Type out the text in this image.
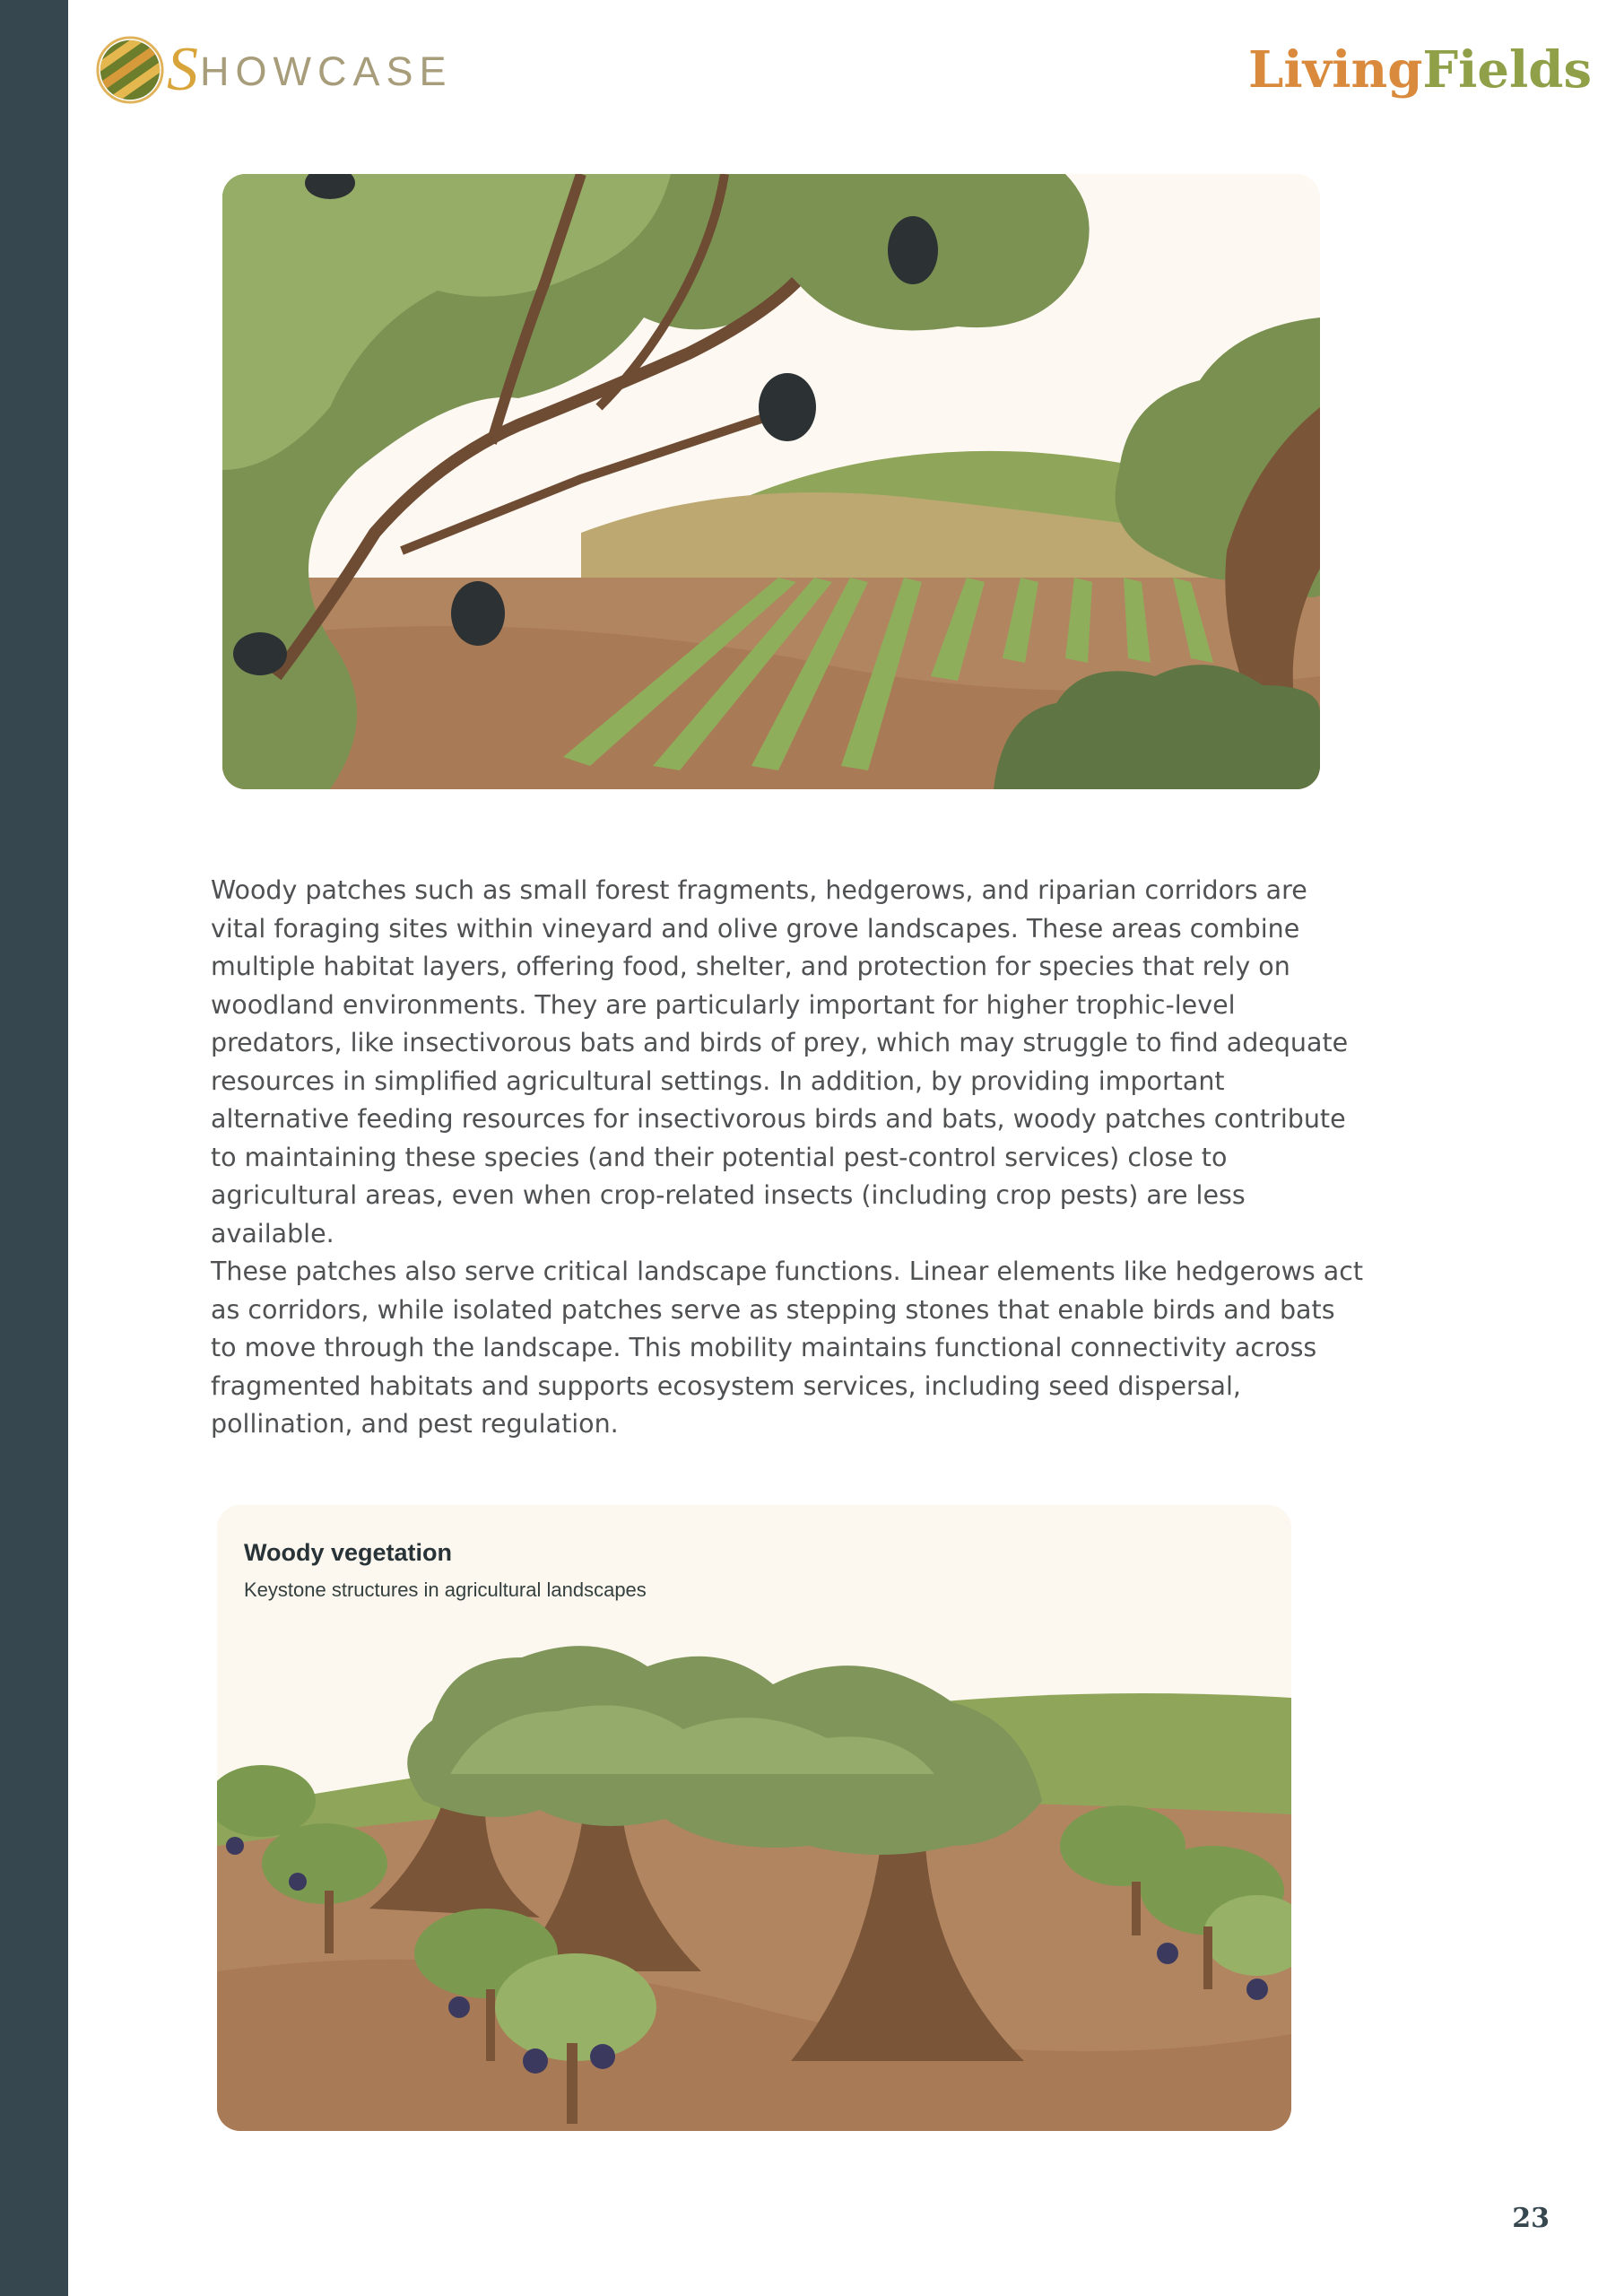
S HOWCASE	Living Fields

Woody patches such as small forest fragments, hedgerows, and riparian corridors are vital foraging sites within vineyard and olive grove landscapes. These areas combine multiple habitat layers, offering food, shelter, and protection for species that rely on woodland environments. They are particularly important for higher trophic-level predators, like insectivorous bats and birds of prey, which may struggle to find adequate resources in simplified agricultural settings. In addition, by providing important alternative feeding resources for insectivorous birds and bats, woody patches contribute to maintaining these species (and their potential pest-control services) close to agricultural areas, even when crop-related insects (including crop pests) are less available.

These patches also serve critical landscape functions. Linear elements like hedgerows act as corridors, while isolated patches serve as stepping stones that enable birds and bats to move through the landscape. This mobility maintains functional connectivity across fragmented habitats and supports ecosystem services, including seed dispersal, pollination, and pest regulation.

Woody vegetation
Keystone structures in agricultural landscapes
23
